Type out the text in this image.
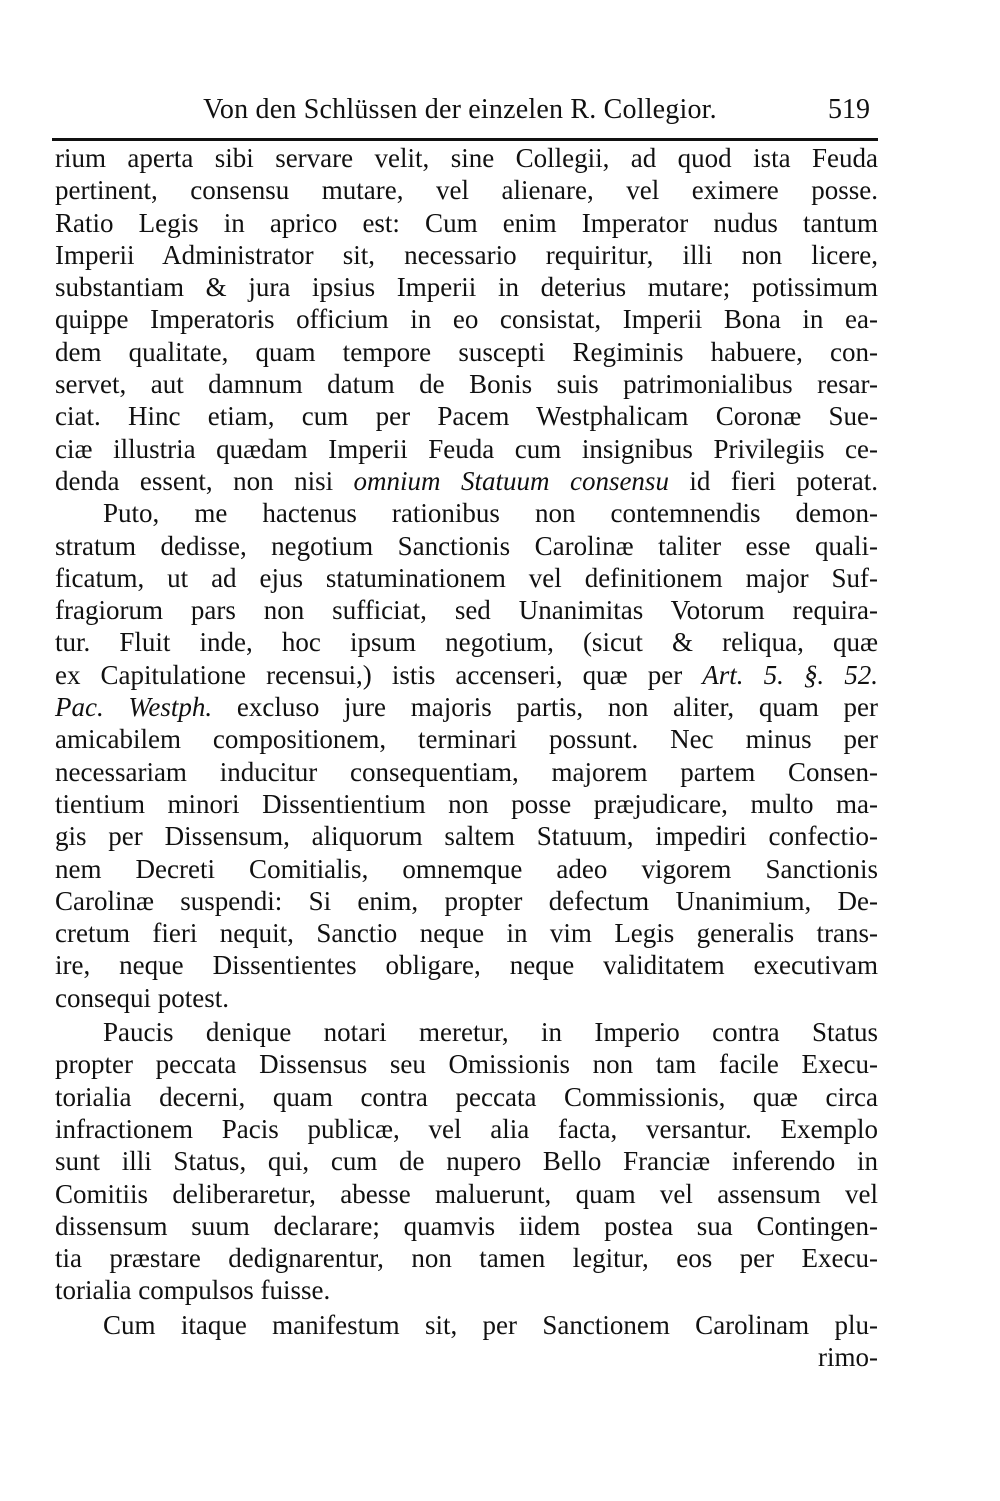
Von den Schlüssen der einzelen R. Collegior.	519
rium aperta sibi servare velit, sine Collegii, ad quod ista Feuda
pertinent, consensu mutare, vel alienare, vel eximere posse.
Ratio Legis in aprico est: Cum enim Imperator nudus tantum
Imperii Administrator sit, necessario requiritur, illi non licere,
substantiam & jura ipsius Imperii in deterius mutare; potissimum
quippe Imperatoris officium in eo consistat, Imperii Bona in ea-
dem qualitate, quam tempore suscepti Regiminis habuere, con-
servet, aut damnum datum de Bonis suis patrimonialibus resar-
ciat. Hinc etiam, cum per Pacem Westphalicam Coronæ Sue-
ciæ illustria quædam Imperii Feuda cum insignibus Privilegiis ce-
denda essent, non nisi omnium Statuum consensu id fieri poterat.
Puto, me hactenus rationibus non contemnendis demon-
stratum dedisse, negotium Sanctionis Carolinæ taliter esse quali-
ficatum, ut ad ejus statuminationem vel definitionem major Suf-
fragiorum pars non sufficiat, sed Unanimitas Votorum requira-
tur. Fluit inde, hoc ipsum negotium, (sicut & reliqua, quæ
ex Capitulatione recensui,) istis accenseri, quæ per Art. 5. §. 52.
Pac. Westph. exclusо jure majoris partis, non aliter, quam per
amicabilem compositionem, terminari possunt. Nec minus per
necessariam inducitur consequentiam, majorem partem Consen-
tientium minori Dissentientium non posse præjudicare, multo ma-
gis per Dissensum, aliquorum saltem Statuum, impediri confectio-
nem Decreti Comitialis, omnemque adeo vigorem Sanctionis
Carolinæ suspendi: Si enim, propter defectum Unanimium, De-
cretum fieri nequit, Sanctio neque in vim Legis generalis trans-
ire, neque Dissentientes obligare, neque validitatem executivam
consequi potest.
Paucis denique notari meretur, in Imperio contra Status
propter peccata Dissensus seu Omissionis non tam facile Execu-
torialia decerni, quam contra peccata Commissionis, quæ circa
infractionem Pacis publicæ, vel alia facta, versantur. Exemplo
sunt illi Status, qui, cum de nupero Bello Franciæ inferendo in
Comitiis deliberaretur, abesse maluerunt, quam vel assensum vel
dissensum suum declarare; quamvis iidem postea sua Contingen-
tia præstare dedignarentur, non tamen legitur, eos per Execu-
torialia compulsos fuisse.
Cum itaque manifestum sit, per Sanctionem Carolinam plu-
rimo-
